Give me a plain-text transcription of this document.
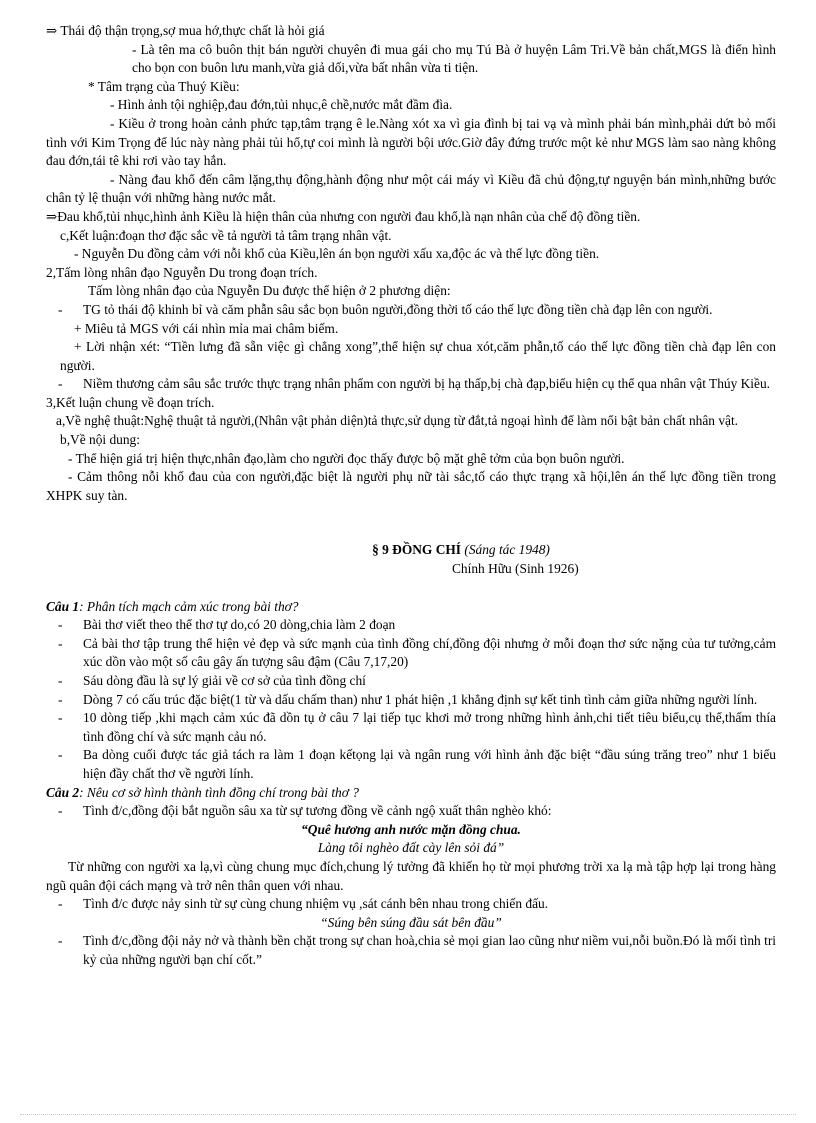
⇒ Thái độ thận trọng,sợ mua hớ,thực chất là hỏi giá

- Là tên ma cô buôn thịt bán người chuyên đi mua gái cho mụ Tú Bà ở huyện Lâm Tri.Về bản chất,MGS là điển hình cho bọn con buôn lưu manh,vừa giả dối,vừa bất nhân vừa ti tiện.

* Tâm trạng của Thuý Kiều:

- Hình ảnh tội nghiệp,đau đớn,tủi nhục,ê chề,nước mắt đầm đìa.

- Kiều ở trong hoàn cảnh phức tạp,tâm trạng ê le.Nàng xót xa vì gia đình bị tai vạ và mình phải bán mình,phải dứt bỏ mối tình với Kim Trọng để lúc này nàng phải tủi hổ,tự coi mình là người bội ước.Giờ đây đứng trước một kẻ như MGS làm sao nàng không đau đớn,tái tê khi rơi vào tay hắn.

- Nàng đau khổ đến câm lặng,thụ động,hành động như một cái máy vì Kiều đã chủ động,tự nguyện bán mình,những bước chân tỷ lệ thuận với những hàng nước mắt.

⇒Đau khổ,tủi nhục,hình ảnh Kiều là hiện thân của nhưng con người đau khổ,là nạn nhân của chế độ đồng tiền.

c,Kết luận:đoạn thơ đặc sắc về tả người tả tâm trạng nhân vật.

- Nguyễn Du đồng cảm với nỗi khổ của Kiều,lên án bọn người xấu xa,độc ác và thế lực đồng tiền.

2,Tấm lòng nhân đạo Nguyễn Du trong đoạn trích.

Tấm lòng nhân đạo của Nguyễn Du được thể hiện ở 2 phương diện:

- TG tỏ thái độ khinh bỉ và căm phẫn sâu sắc bọn buôn người,đồng thời tố cáo thế lực đồng tiền chà đạp lên con người.

+ Miêu tả MGS với cái nhìn mỉa mai châm biếm.

+ Lời nhận xét: “Tiền lưng đã sẵn việc gì chẳng xong”,thể hiện sự chua xót,căm phẫn,tố cáo thế lực đồng tiền chà đạp lên con người.

- Niềm thương cảm sâu sắc trước thực trạng nhân phẩm con người bị hạ thấp,bị chà đạp,biểu hiện cụ thể qua nhân vật Thúy Kiều.

3,Kết luận chung về đoạn trích.

a,Về nghệ thuật:Nghệ thuật tả người,(Nhân vật phản diện)tả thực,sử dụng từ đắt,tả ngoại hình để làm nổi bật bản chất nhân vật.

b,Về nội dung:

- Thể hiện giá trị hiện thực,nhân đạo,làm cho người đọc thấy được bộ mặt ghê tởm của bọn buôn người.

- Cảm thông nỗi khổ đau của con người,đặc biệt là người phụ nữ tài sắc,tố cáo thực trạng xã hội,lên án thế lực đồng tiền trong XHPK suy tàn.

§ 9 ĐỒNG CHÍ (Sáng tác 1948)

Chính Hữu (Sinh 1926)

Câu 1: Phân tích mạch cảm xúc trong bài thơ?

- Bài thơ viết theo thể thơ tự do,có 20 dòng,chia làm 2 đoạn

- Cả bài thơ tập trung thể hiện vẻ đẹp và sức mạnh của tình đồng chí,đồng đội nhưng ở mỗi đoạn thơ sức nặng của tư tưởng,cảm xúc dồn vào một số câu gây ấn tượng sâu đậm (Câu 7,17,20)

- Sáu dòng đầu là sự lý giải về cơ sở của tình đồng chí

- Dòng 7 có cấu trúc đặc biệt(1 từ và dấu chấm than) như 1 phát hiện ,1 khẳng định sự kết tinh tình cảm giữa những người lính.

- 10 dòng tiếp ,khi mạch cảm xúc đã dồn tụ ở câu 7 lại tiếp tục khơi mở trong những hình ảnh,chi tiết tiêu biểu,cụ thể,thấm thía tình đồng chí và sức mạnh cảu nó.

- Ba dòng cuối được tác giả tách ra làm 1 đoạn kếtọng lại và ngân rung với hình ảnh đặc biệt “đầu súng trăng treo” như 1 biểu hiện đầy chất thơ về người lính.

Câu 2: Nêu cơ sở hình thành tình đồng chí trong bài thơ ?

- Tình đ/c,đồng đội bắt nguồn sâu xa từ sự tương đồng về cảnh ngộ xuất thân nghèo khó:

“Quê hương anh nước mặn đồng chua.

Làng tôi nghèo đất cày lên sỏi đá”

Từ những con người xa lạ,vì cùng chung mục đích,chung lý tưởng đã khiến họ từ mọi phương trời xa lạ mà tập hợp lại trong hàng ngũ quân đội cách mạng và trở nên thân quen với nhau.

- Tình đ/c được nảy sinh từ sự cùng chung nhiệm vụ ,sát cánh bên nhau trong chiến đấu.

“Súng bên súng đầu sát bên đầu”

- Tình đ/c,đồng đội nảy nở và thành bền chặt trong sự chan hoà,chia sẻ mọi gian lao cũng như niềm vui,nỗi buồn.Đó là mối tình tri kỷ của những người bạn chí cốt.”
